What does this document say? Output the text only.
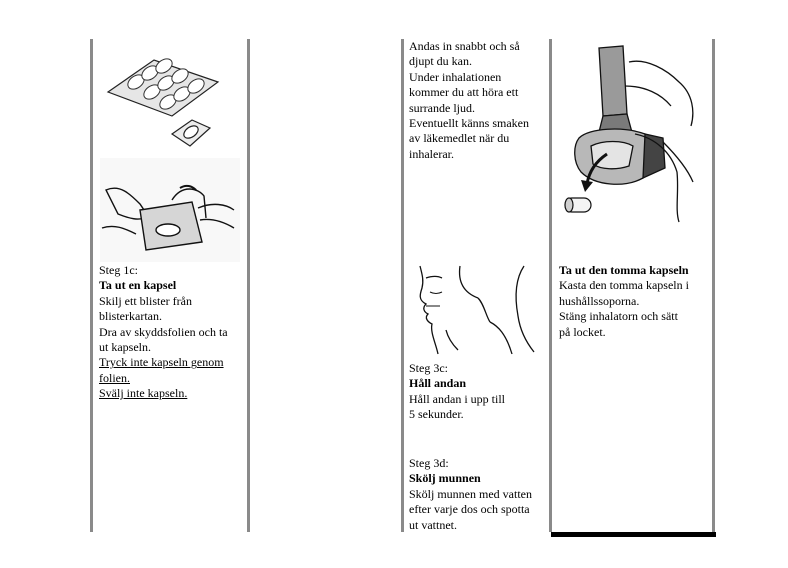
Steg 1c:

Ta ut en kapsel

Skilj ett blister från

blisterkartan.

Dra av skyddsfolien och ta

ut kapseln.

Tryck inte kapseln genom

folien.

Svälj inte kapseln.

Andas in snabbt och så

djupt du kan.

Under inhalationen

kommer du att höra ett

surrande ljud.

Eventuellt känns smaken

av läkemedlet när du

inhalerar.

Steg 3c:

Håll andan

Håll andan i upp till

5 sekunder.

Steg 3d:

Skölj munnen

Skölj munnen med vatten

efter varje dos och spotta

ut vattnet.

Ta ut den tomma kapseln

Kasta den tomma kapseln i

hushållssoporna.

Stäng inhalatorn och sätt

på locket.
